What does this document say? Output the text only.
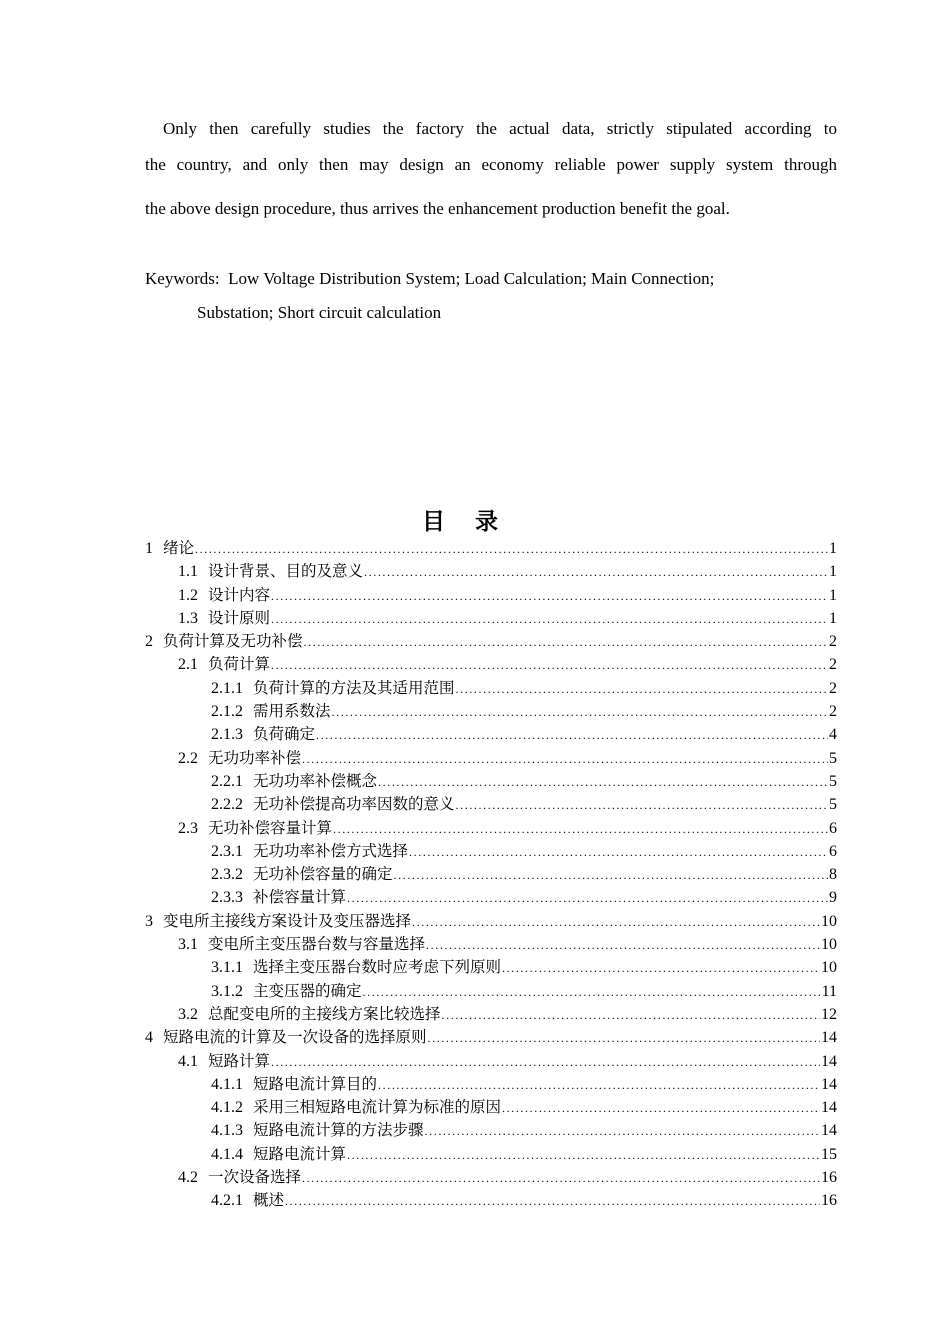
Only then carefully studies the factory the actual data, strictly stipulated according to
the country, and only then may design an economy reliable power supply system through
the above design procedure, thus arrives the enhancement production benefit the goal.

Keywords: Low Voltage Distribution System; Load Calculation; Main Connection;
Substation; Short circuit calculation
目录
1 绪论 .....	1
1.1 设计背景、目的及意义 .....	1
1.2 设计内容 .....	1
1.3 设计原则 .....	1
2 负荷计算及无功补偿 .....	2
2.1 负荷计算 .....	2
2.1.1 负荷计算的方法及其适用范围 .....	2
2.1.2 需用系数法 .....	2
2.1.3 负荷确定 .....	4
2.2 无功功率补偿 .....	5
2.2.1 无功功率补偿概念 .....	5
2.2.2 无功补偿提高功率因数的意义 .....	5
2.3 无功补偿容量计算 .....	6
2.3.1 无功功率补偿方式选择 .....	6
2.3.2 无功补偿容量的确定 .....	8
2.3.3 补偿容量计算 .....	9
3 变电所主接线方案设计及变压器选择 .....	10
3.1 变电所主变压器台数与容量选择 .....	10
3.1.1 选择主变压器台数时应考虑下列原则 .....	10
3.1.2 主变压器的确定 .....	11
3.2 总配变电所的主接线方案比较选择 .....	12
4 短路电流的计算及一次设备的选择原则 .....	14
4.1 短路计算 .....	14
4.1.1 短路电流计算目的 .....	14
4.1.2 采用三相短路电流计算为标准的原因 .....	14
4.1.3 短路电流计算的方法步骤 .....	14
4.1.4 短路电流计算 .....	15
4.2 一次设备选择 .....	16
4.2.1 概述 .....	16
